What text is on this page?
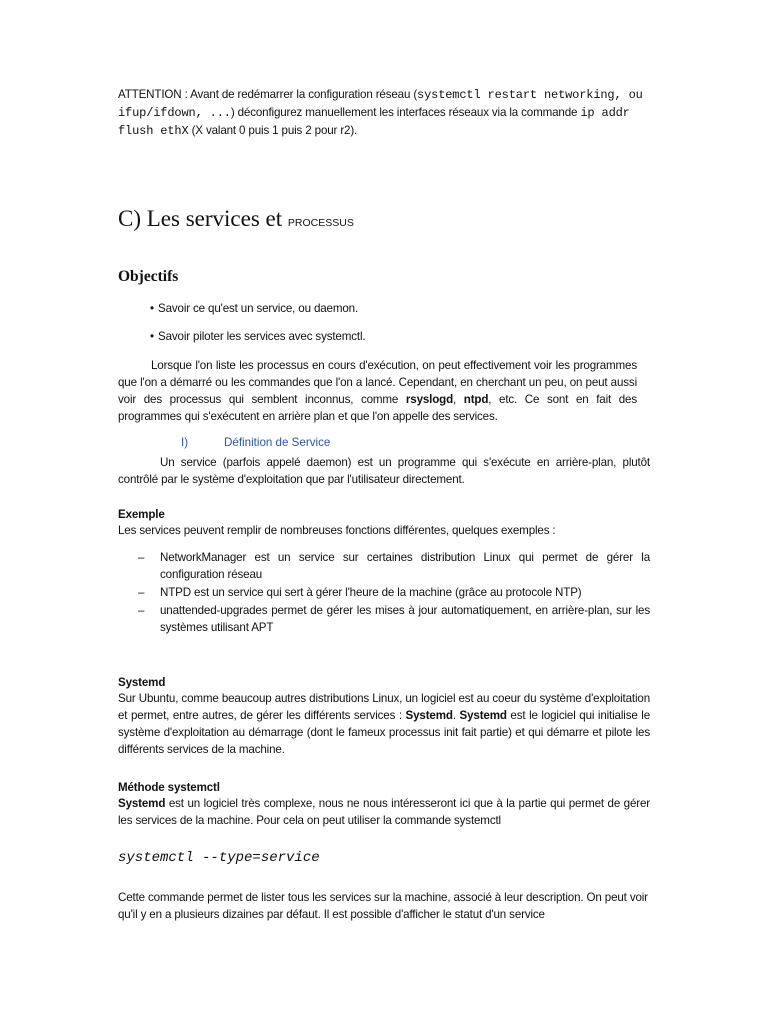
ATTENTION : Avant de redémarrer la configuration réseau (systemctl restart networking, ou
ifup/ifdown, ...) déconfigurez manuellement les interfaces réseaux via la commande ip addr
flush ethX (X valant 0 puis 1 puis 2 pour r2).
C) Les services et PROCESSUS
Objectifs
• Savoir ce qu'est un service, ou daemon.
• Savoir piloter les services avec systemctl.
Lorsque l'on liste les processus en cours d'exécution, on peut effectivement voir les programmes que l'on a démarré ou les commandes que l'on a lancé. Cependant, en cherchant un peu, on peut aussi voir des processus qui semblent inconnus, comme rsyslogd, ntpd, etc. Ce sont en fait des programmes qui s'exécutent en arrière plan et que l'on appelle des services.
I)	Définition de Service
Un service (parfois appelé daemon) est un programme qui s'exécute en arrière-plan, plutôt contrôlé par le système d'exploitation que par l'utilisateur directement.
Exemple
Les services peuvent remplir de nombreuses fonctions différentes, quelques exemples :
– NetworkManager est un service sur certaines distribution Linux qui permet de gérer la configuration réseau
– NTPD est un service qui sert à gérer l'heure de la machine (grâce au protocole NTP)
– unattended-upgrades permet de gérer les mises à jour automatiquement, en arrière-plan, sur les systèmes utilisant APT
Systemd
Sur Ubuntu, comme beaucoup autres distributions Linux, un logiciel est au coeur du système d'exploitation et permet, entre autres, de gérer les différents services : Systemd. Systemd est le logiciel qui initialise le système d'exploitation au démarrage (dont le fameux processus init fait partie) et qui démarre et pilote les différents services de la machine.
Méthode systemctl
Systemd est un logiciel très complexe, nous ne nous intéresseront ici que à la partie qui permet de gérer les services de la machine. Pour cela on peut utiliser la commande systemctl
systemctl --type=service
Cette commande permet de lister tous les services sur la machine, associé à leur description. On peut voir qu'il y en a plusieurs dizaines par défaut. Il est possible d'afficher le statut d'un service
